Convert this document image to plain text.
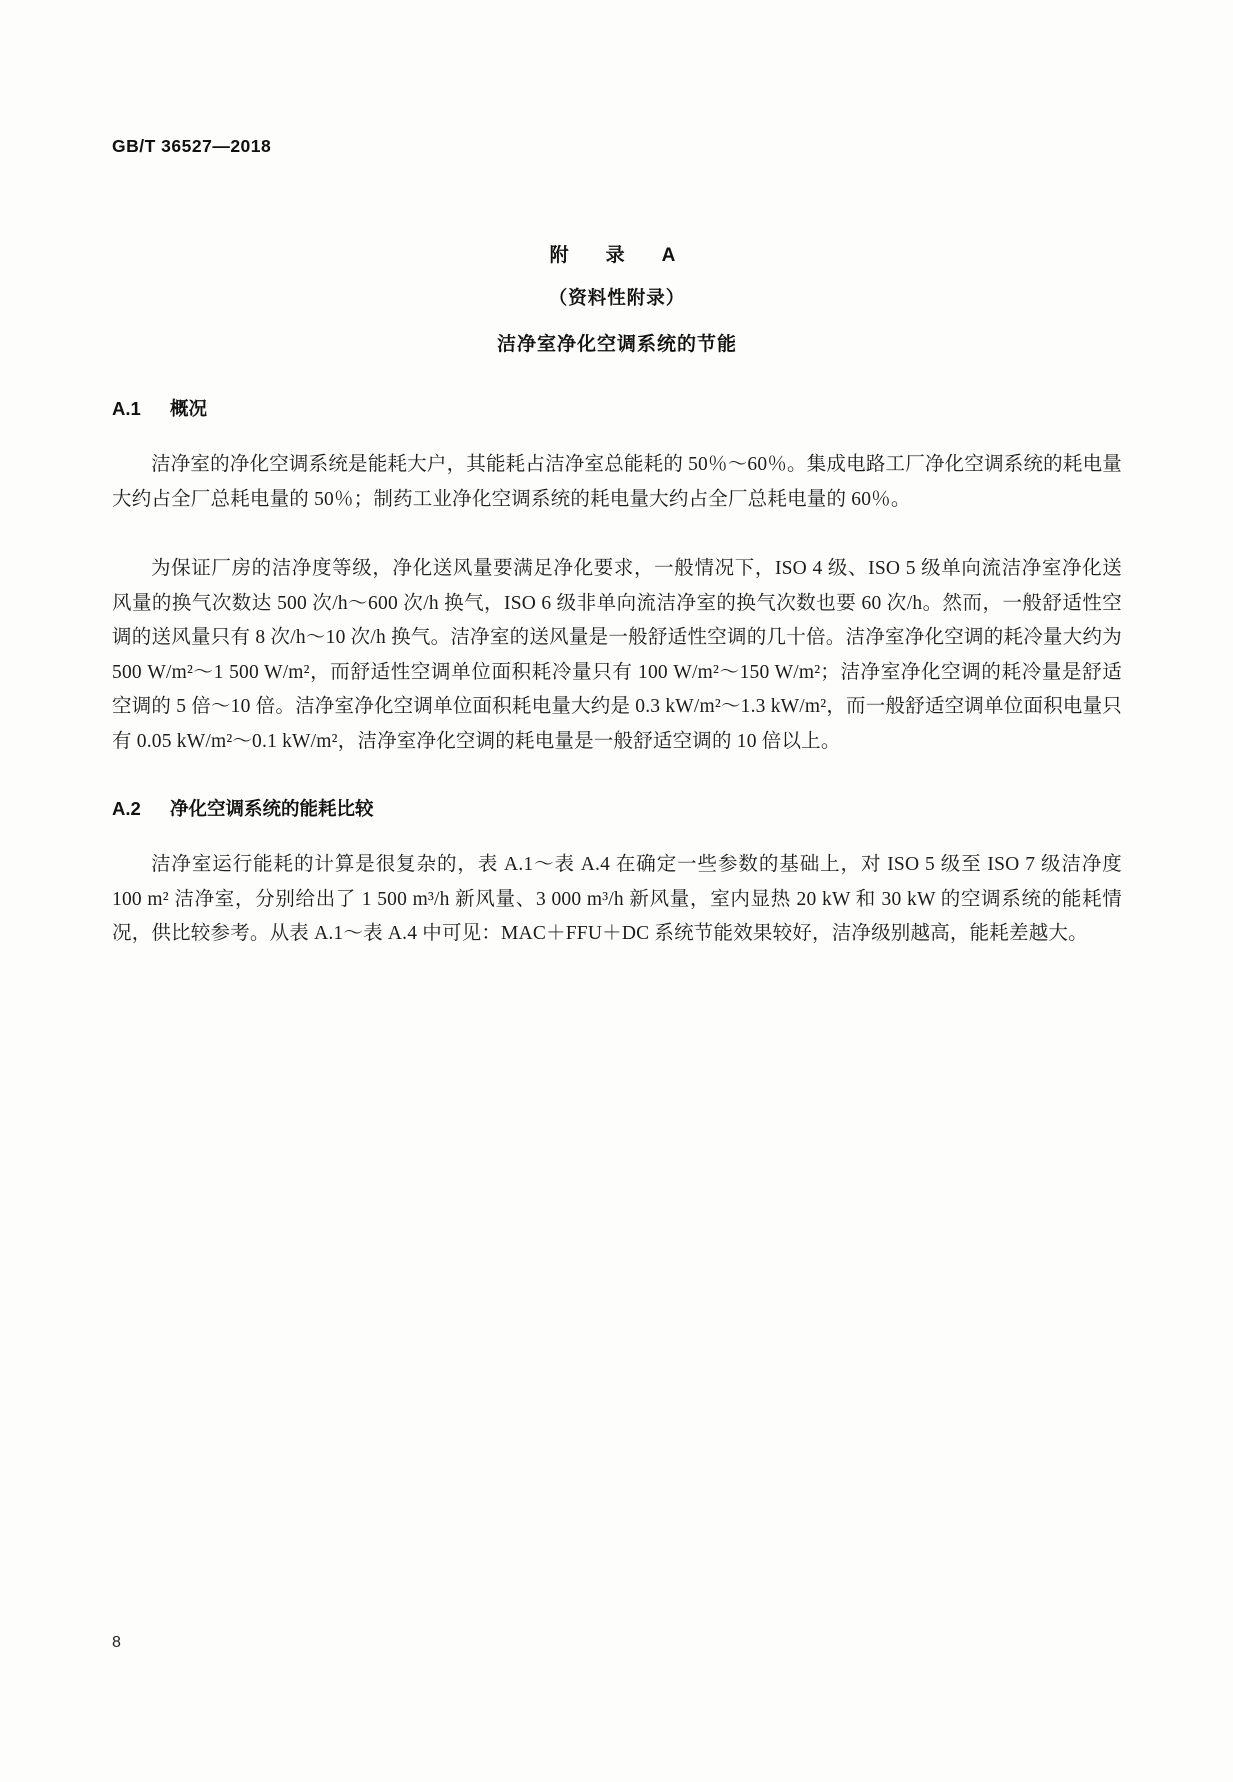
GB/T 36527—2018
附　录　A
（资料性附录）
洁净室净化空调系统的节能
A.1 概况
洁净室的净化空调系统是能耗大户，其能耗占洁净室总能耗的 50％～60％。集成电路工厂净化空调系统的耗电量大约占全厂总耗电量的 50％；制药工业净化空调系统的耗电量大约占全厂总耗电量的 60％。
为保证厂房的洁净度等级，净化送风量要满足净化要求，一般情况下，ISO 4 级、ISO 5 级单向流洁净室净化送风量的换气次数达 500 次/h～600 次/h 换气，ISO 6 级非单向流洁净室的换气次数也要 60 次/h。然而，一般舒适性空调的送风量只有 8 次/h～10 次/h 换气。洁净室的送风量是一般舒适性空调的几十倍。洁净室净化空调的耗冷量大约为 500 W/m²～1 500 W/m²，而舒适性空调单位面积耗冷量只有 100 W/m²～150 W/m²；洁净室净化空调的耗冷量是舒适空调的 5 倍～10 倍。洁净室净化空调单位面积耗电量大约是 0.3 kW/m²～1.3 kW/m²，而一般舒适空调单位面积电量只有 0.05 kW/m²～0.1 kW/m²，洁净室净化空调的耗电量是一般舒适空调的 10 倍以上。
A.2 净化空调系统的能耗比较
洁净室运行能耗的计算是很复杂的，表 A.1～表 A.4 在确定一些参数的基础上，对 ISO 5 级至 ISO 7 级洁净度 100 m² 洁净室，分别给出了 1 500 m³/h 新风量、3 000 m³/h 新风量，室内显热 20 kW 和 30 kW 的空调系统的能耗情况，供比较参考。从表 A.1～表 A.4 中可见：MAC＋FFU＋DC 系统节能效果较好，洁净级别越高，能耗差越大。
8
